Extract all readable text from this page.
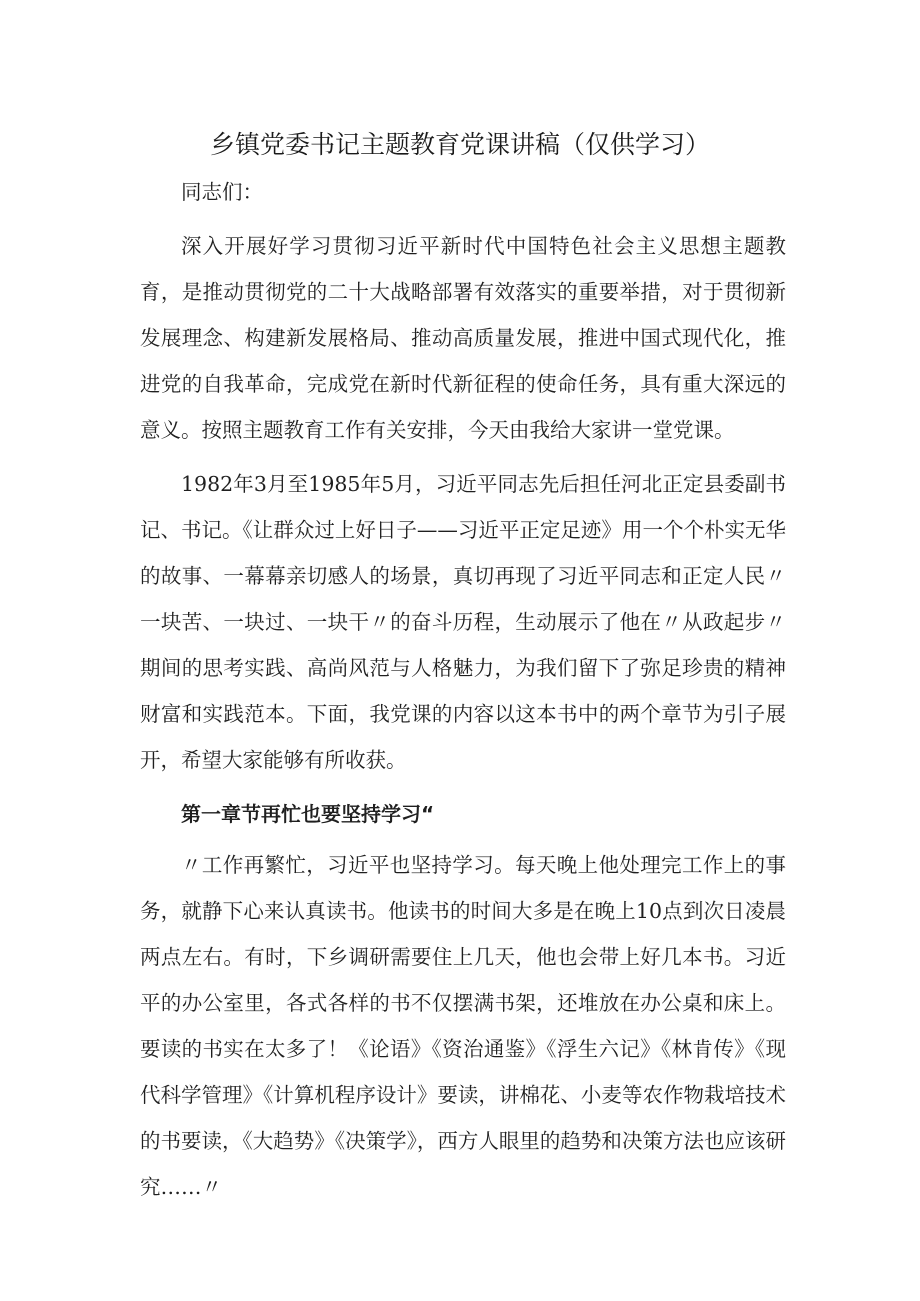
乡镇党委书记主题教育党课讲稿（仅供学习）

同志们：

深入开展好学习贯彻习近平新时代中国特色社会主义思想主题教育，是推动贯彻党的二十大战略部署有效落实的重要举措，对于贯彻新发展理念、构建新发展格局、推动高质量发展，推进中国式现代化，推进党的自我革命，完成党在新时代新征程的使命任务，具有重大深远的意义。按照主题教育工作有关安排，今天由我给大家讲一堂党课。

1982年3月至1985年5月，习近平同志先后担任河北正定县委副书记、书记。《让群众过上好日子——习近平正定足迹》用一个个朴实无华的故事、一幕幕亲切感人的场景，真切再现了习近平同志和正定人民〃一块苦、一块过、一块干〃的奋斗历程，生动展示了他在〃从政起步〃期间的思考实践、高尚风范与人格魅力，为我们留下了弥足珍贵的精神财富和实践范本。下面，我党课的内容以这本书中的两个章节为引子展开，希望大家能够有所收获。

第一章节再忙也要坚持学习“

〃工作再繁忙，习近平也坚持学习。每天晚上他处理完工作上的事务，就静下心来认真读书。他读书的时间大多是在晚上10点到次日凌晨两点左右。有时，下乡调研需要住上几天，他也会带上好几本书。习近平的办公室里，各式各样的书不仅摆满书架，还堆放在办公桌和床上。要读的书实在太多了！《论语》《资治通鉴》《浮生六记》《林肯传》《现代科学管理》《计算机程序设计》要读，讲棉花、小麦等农作物栽培技术的书要读，《大趋势》《决策学》，西方人眼里的趋势和决策方法也应该研究……〃
